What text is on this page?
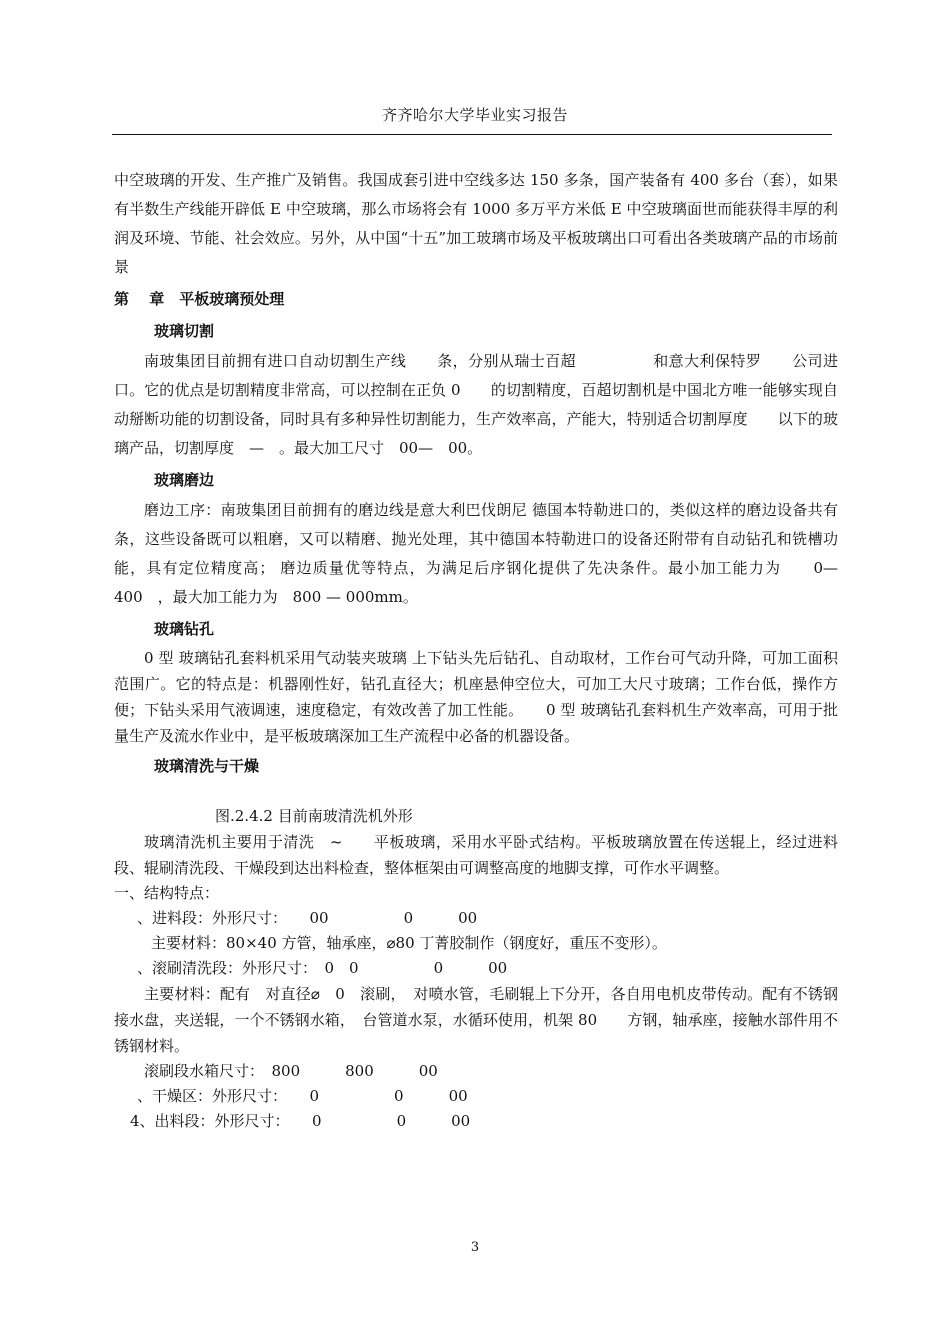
齐齐哈尔大学毕业实习报告

中空玻璃的开发、生产推广及销售。我国成套引进中空线多达 150 多条，国产装备有 400 多台（套），如果有半数生产线能开辟低 E 中空玻璃，那么市场将会有 1000 多万平方米低 E 中空玻璃面世而能获得丰厚的利润及环境、节能、社会效应。另外，从中国“十五”加工玻璃市场及平板玻璃出口可看出各类玻璃产品的市场前景

第　 章　平板玻璃预处理
玻璃切割

南玻集团目前拥有进口自动切割生产线　　条，分别从瑞士百超　　　　　和意大利保特罗　　公司进口。它的优点是切割精度非常高，可以控制在正负 0　　的切割精度，百超切割机是中国北方唯一能够实现自动掰断功能的切割设备，同时具有多种异性切割能力，生产效率高，产能大，特别适合切割厚度　　以下的玻璃产品，切割厚度　—　。最大加工尺寸　00—　00。

玻璃磨边

磨边工序：南玻集团目前拥有的磨边线是意大利巴伐朗尼 德国本特勒进口的，类似这样的磨边设备共有　条，这些设备既可以粗磨，又可以精磨、抛光处理，其中德国本特勒进口的设备还附带有自动钻孔和铣槽功能，具有定位精度高； 磨边质量优等特点，为满足后序钢化提供了先决条件。最小加工能力为　　0—400　，最大加工能力为　800 — 000mm。

玻璃钻孔

0 型 玻璃钻孔套料机采用气动装夹玻璃 上下钻头先后钻孔、自动取材，工作台可气动升降，可加工面积范围广。它的特点是：机器刚性好，钻孔直径大；机座悬伸空位大，可加工大尺寸玻璃；工作台低，操作方便；下钻头采用气液调速，速度稳定，有效改善了加工性能。　　0 型 玻璃钻孔套料机生产效率高，可用于批量生产及流水作业中，是平板玻璃深加工生产流程中必备的机器设备。

玻璃清洗与干燥
图.2.4.2 目前南玻清洗机外形

玻璃清洗机主要用于清洗　~　　平板玻璃，采用水平卧式结构。平板玻璃放置在传送辊上，经过进料段、辊刷清洗段、干燥段到达出料检查，整体框架由可调整高度的地脚支撑，可作水平调整。

一、结构特点：
　、进料段：外形尺寸：　　00　　　　　0　　　00
　主要材料：80×40 方管，轴承座，⌀80 丁菁胶制作（钢度好，重压不变形）。
　、滚刷清洗段：外形尺寸：　0　0　　　　　0　　　00

主要材料：配有　对直径⌀　0　滚刷，　对喷水管，毛刷辊上下分开，各自用电机皮带传动。配有不锈钢接水盘，夹送辊，一个不锈钢水箱，　台管道水泵，水循环使用，机架 80　　方钢，轴承座，接触水部件用不锈钢材料。

滚刷段水箱尺寸：　800　　　800　　　00
　、干燥区：外形尺寸：　　0　　　　　0　　　00
4、出料段：外形尺寸：　　0　　　　　0　　　00
3
